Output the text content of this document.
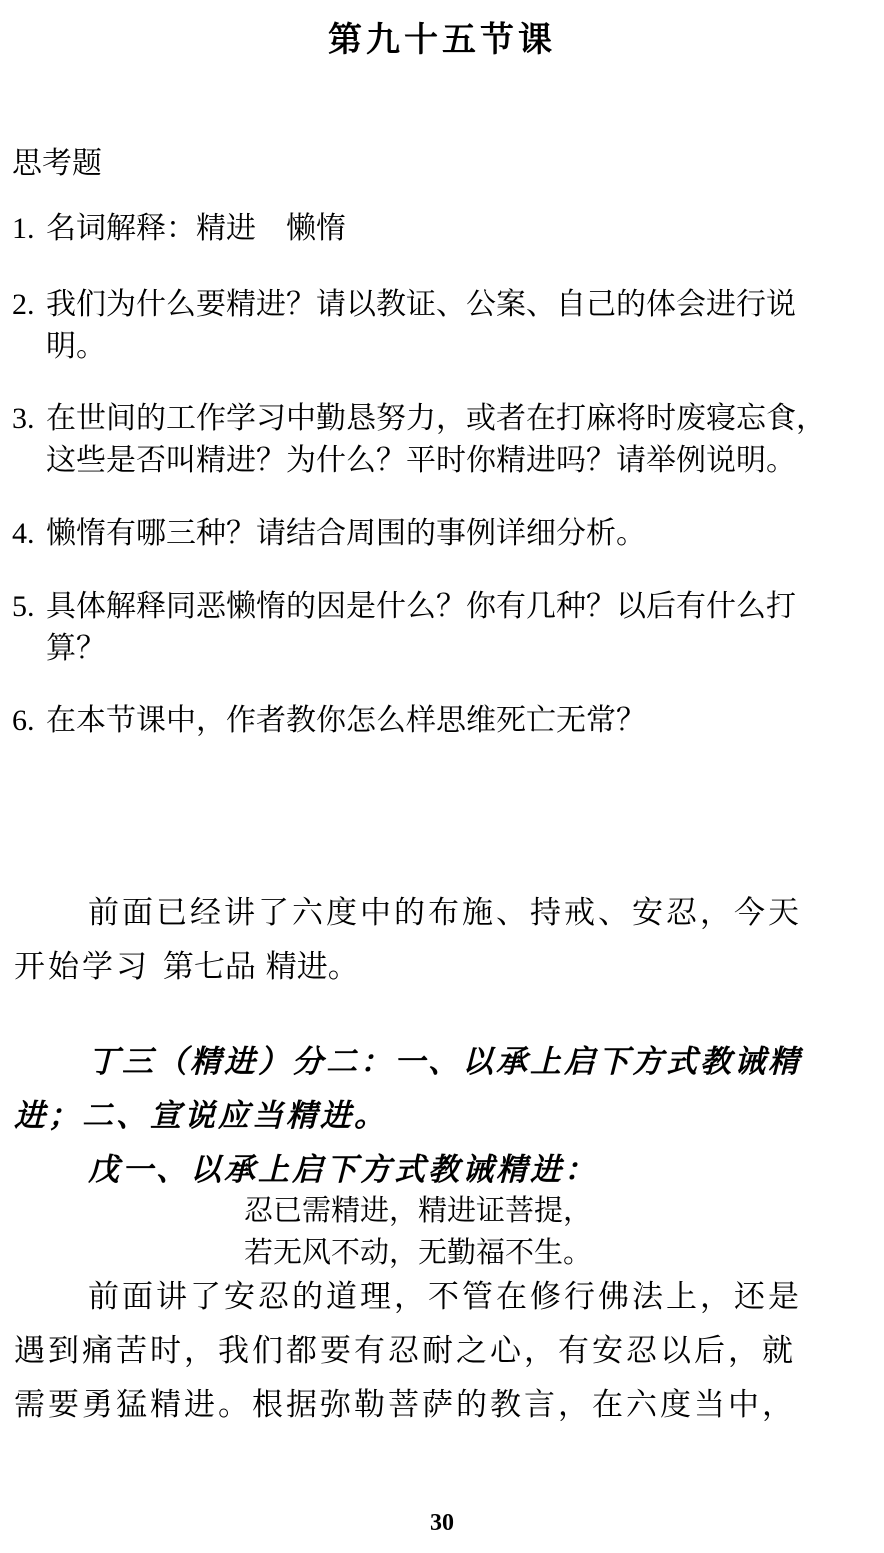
第九十五节课
思考题
1. 名词解释：精进　懒惰
2. 我们为什么要精进？请以教证、公案、自己的体会进行说
明。
3. 在世间的工作学习中勤恳努力，或者在打麻将时废寝忘食，
这些是否叫精进？为什么？平时你精进吗？请举例说明。
4. 懒惰有哪三种？请结合周围的事例详细分析。
5. 具体解释同恶懒惰的因是什么？你有几种？以后有什么打
算？
6. 在本节课中，作者教你怎么样思维死亡无常？
前面已经讲了六度中的布施、持戒、安忍，今天
开始学习 第七品 精进。
丁三（精进）分二：一、以承上启下方式教诫精
进；二、宣说应当精进。
戊一、以承上启下方式教诫精进：
忍已需精进，精进证菩提，
若无风不动，无勤福不生。
前面讲了安忍的道理，不管在修行佛法上，还是
遇到痛苦时，我们都要有忍耐之心，有安忍以后，就
需要勇猛精进。根据弥勒菩萨的教言，在六度当中，
30
